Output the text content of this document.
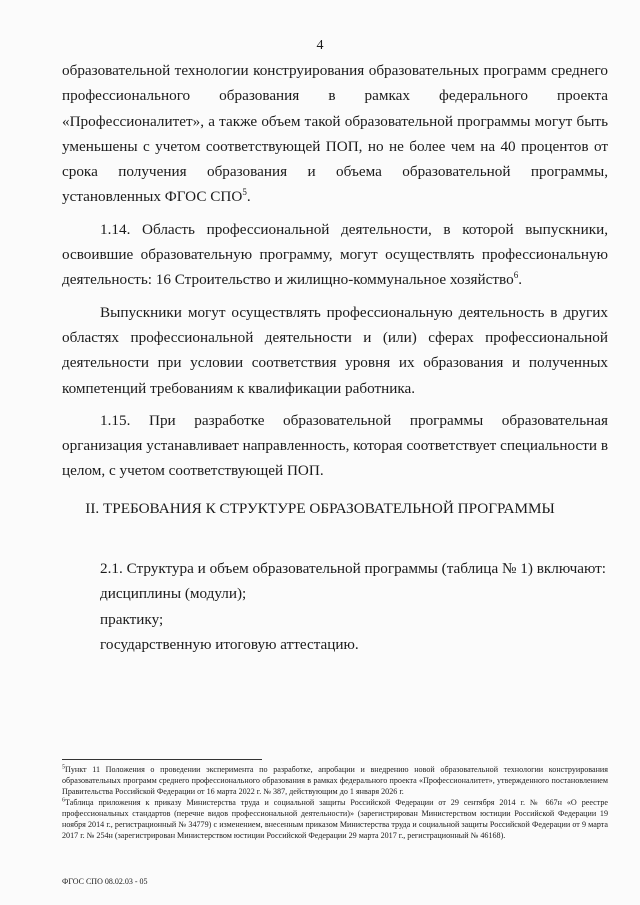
4

образовательной технологии конструирования образовательных программ среднего профессионального образования в рамках федерального проекта «Профессионалитет», а также объем такой образовательной программы могут быть уменьшены с учетом соответствующей ПОП, но не более чем на 40 процентов от срока получения образования и объема образовательной программы, установленных ФГОС СПО$^5$.

1.14. Область профессиональной деятельности, в которой выпускники, освоившие образовательную программу, могут осуществлять профессиональную деятельность: 16 Строительство и жилищно-коммунальное хозяйство$^6$.

Выпускники могут осуществлять профессиональную деятельность в других областях профессиональной деятельности и (или) сферах профессиональной деятельности при условии соответствия уровня их образования и полученных компетенций требованиям к квалификации работника.

1.15. При разработке образовательной программы образовательная организация устанавливает направленность, которая соответствует специальности в целом, с учетом соответствующей ПОП.

II. ТРЕБОВАНИЯ К СТРУКТУРЕ ОБРАЗОВАТЕЛЬНОЙ ПРОГРАММЫ

2.1. Структура и объем образовательной программы (таблица № 1) включают:

дисциплины (модули);

практику;

государственную итоговую аттестацию.

$^5$Пункт 11 Положения о проведении эксперимента по разработке, апробации и внедрению новой образовательной технологии конструирования образовательных программ среднего профессионального образования в рамках федерального проекта «Профессионалитет», утвержденного постановлением Правительства Российской Федерации от 16 марта 2022 г. № 387, действующим до 1 января 2026 г.

$^6$Таблица приложения к приказу Министерства труда и социальной защиты Российской Федерации от 29 сентября 2014 г. № 667н «О реестре профессиональных стандартов (перечне видов профессиональной деятельности)» (зарегистрирован Министерством юстиции Российской Федерации 19 ноября 2014 г., регистрационный № 34779) с изменением, внесенным приказом Министерства труда и социальной защиты Российской Федерации от 9 марта 2017 г. № 254н (зарегистрирован Министерством юстиции Российской Федерации 29 марта 2017 г., регистрационный № 46168).

ФГОС СПО 08.02.03 - 05
